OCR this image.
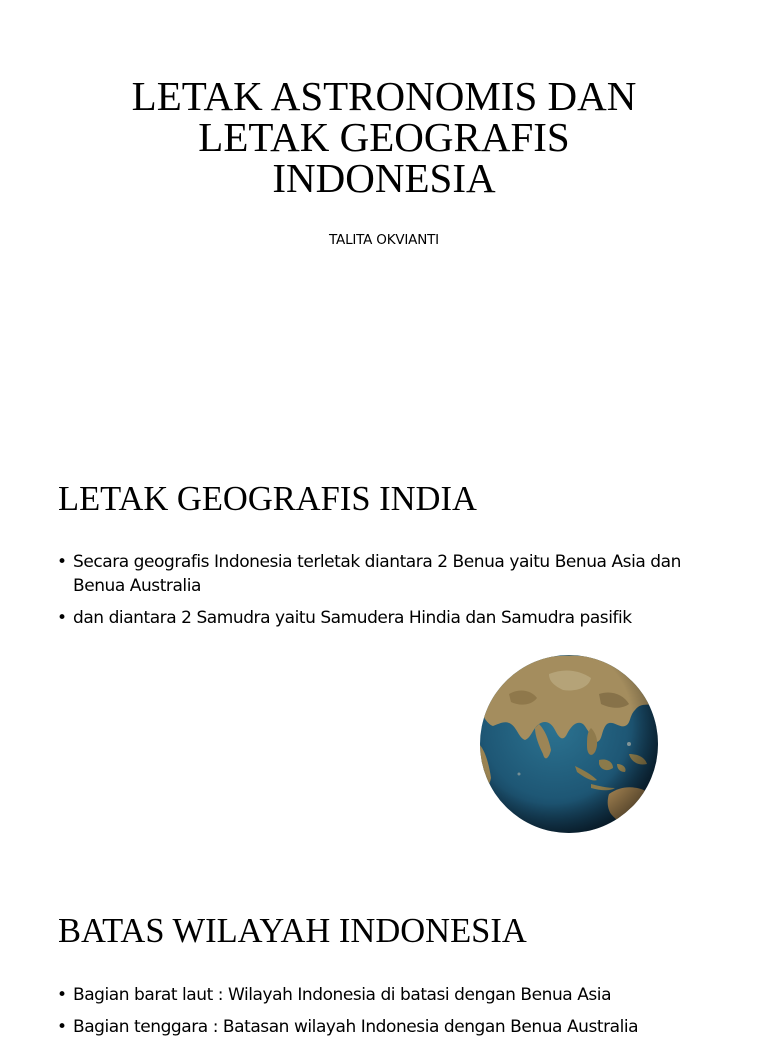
LETAK ASTRONOMIS DAN
LETAK GEOGRAFIS
INDONESIA
TALITA OKVIANTI
LETAK GEOGRAFIS INDIA
• Secara geografis Indonesia terletak diantara 2 Benua yaitu Benua Asia dan Benua Australia
• dan diantara 2 Samudra yaitu Samudera Hindia dan Samudra pasifik
BATAS WILAYAH INDONESIA
• Bagian barat laut : Wilayah Indonesia di batasi dengan Benua Asia
• Bagian tenggara : Batasan wilayah Indonesia dengan Benua Australia
